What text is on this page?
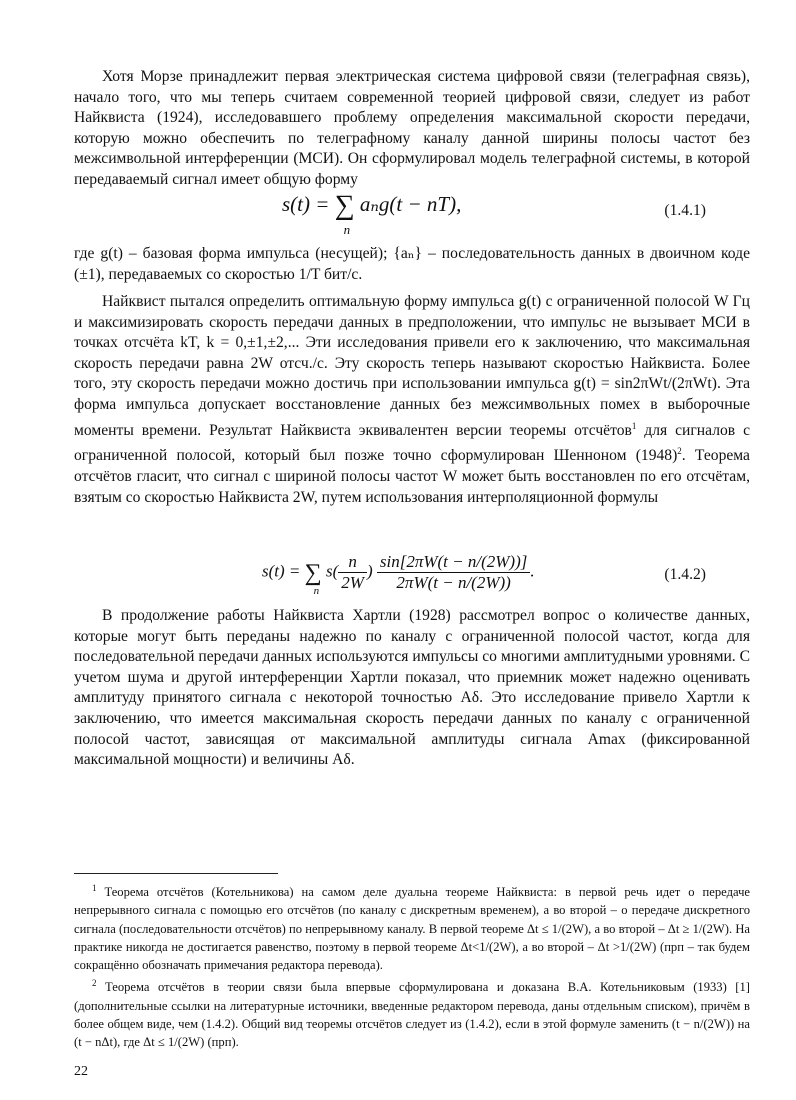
Хотя Морзе принадлежит первая электрическая система цифровой связи (телеграфная связь), начало того, что мы теперь считаем современной теорией цифровой связи, следует из работ Найквиста (1924), исследовавшего проблему определения максимальной скорости передачи, которую можно обеспечить по телеграфному каналу данной ширины полосы частот без межсимвольной интерференции (МСИ). Он сформулировал модель телеграфной системы, в которой передаваемый сигнал имеет общую форму

s(t) = ∑
n
aₙg(t − nT),	(1.4.1)

где g(t) – базовая форма импульса (несущей); {aₙ} – последовательность данных в двоичном коде (±1), передаваемых со скоростью 1/T бит/с.

Найквист пытался определить оптимальную форму импульса g(t) с ограниченной полосой W Гц и максимизировать скорость передачи данных в предположении, что импульс не вызывает МСИ в точках отсчёта kT, k = 0,±1,±2,... Эти исследования привели его к заключению, что максимальная скорость передачи равна 2W отсч./с. Эту скорость теперь называют скоростью Найквиста. Более того, эту скорость передачи можно достичь при использовании импульса g(t) = sin2πWt/(2πWt). Эта форма импульса допускает восстановление данных без межсимвольных помех в выборочные моменты времени. Результат Найквиста эквивалентен версии теоремы отсчётов$^1$ для сигналов с ограниченной полосой, который был позже точно сформулирован Шенноном $(1948)^2$. Теорема отсчётов гласит, что сигнал с шириной полосы частот W может быть восстановлен по его отсчётам, взятым со скоростью Найквиста 2W, путем использования интерполяционной формулы

s(t) = ∑
n
$s( \frac{n}{2W}$ ) $\frac{\sin[2\pi W(t - n/(2W))]}{2\pi W(t - n/(2W))}$ .	(1.4.2)

В продолжение работы Найквиста Хартли (1928) рассмотрел вопрос о количестве данных, которые могут быть переданы надежно по каналу с ограниченной полосой частот, когда для последовательной передачи данных используются импульсы со многими амплитудными уровнями. С учетом шума и другой интерференции Хартли показал, что приемник может надежно оценивать амплитуду принятого сигнала с некоторой точностью Aδ. Это исследование привело Хартли к заключению, что имеется максимальная скорость передачи данных по каналу с ограниченной полосой частот, зависящая от максимальной амплитуды сигнала Amax (фиксированной максимальной мощности) и величины Aδ.

$^1$ Теорема отсчётов (Котельникова) на самом деле дуальна теореме Найквиста: в первой речь идет о передаче непрерывного сигнала с помощью его отсчётов (по каналу с дискретным временем), а во второй – о передаче дискретного сигнала (последовательности отсчётов) по непрерывному каналу. В первой теореме Δt ≤ 1/(2W), а во второй – Δt ≥ 1/(2W). На практике никогда не достигается равенство, поэтому в первой теореме Δt<1/(2W), а во второй – Δt >1/(2W) (прп – так будем сокращённо обозначать примечания редактора перевода).

$^2$ Теорема отсчётов в теории связи была впервые сформулирована и доказана В.А. Котельниковым (1933) [1] (дополнительные ссылки на литературные источники, введенные редактором перевода, даны отдельным списком), причём в более общем виде, чем (1.4.2). Общий вид теоремы отсчётов следует из (1.4.2), если в этой формуле заменить (t − n/(2W)) на (t − nΔt), где Δt ≤ 1/(2W) (прп).

22
